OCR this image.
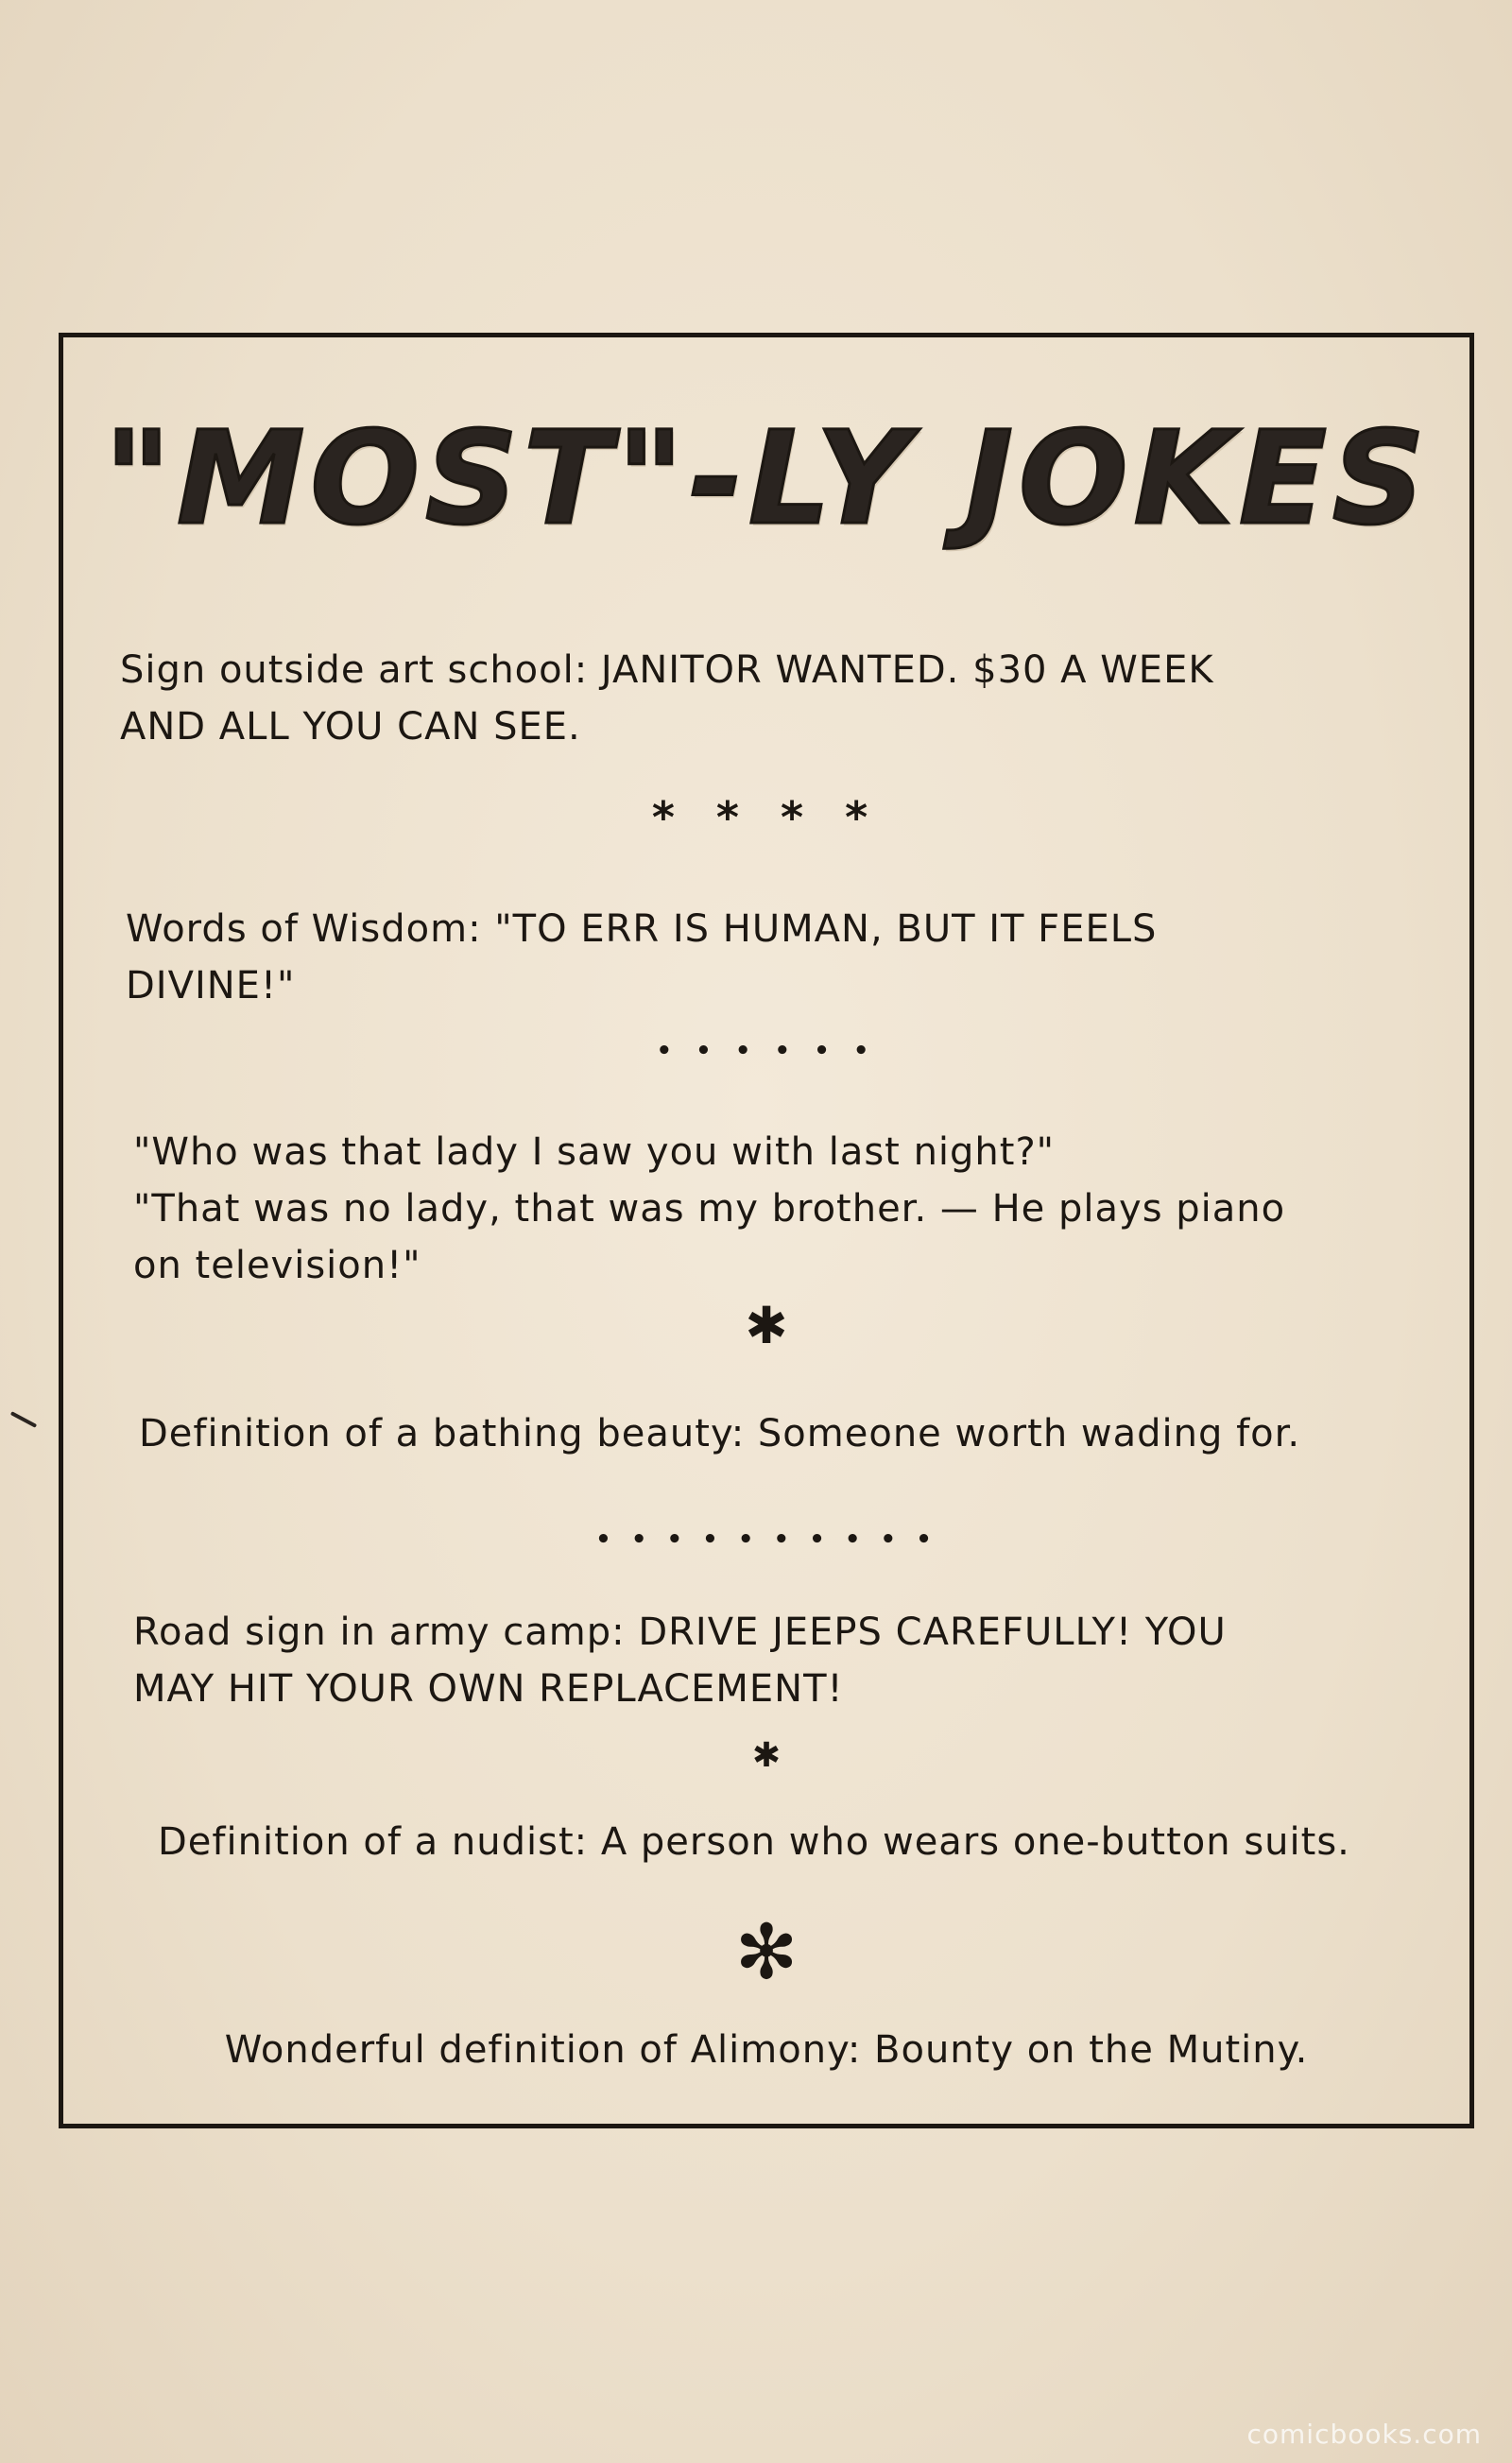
"MOST"-LY JOKES

Sign outside art school: JANITOR WANTED. $30 A WEEK
AND ALL YOU CAN SEE.

* * * *

Words of Wisdom: "TO ERR IS HUMAN, BUT IT FEELS
DIVINE!"

• • • • • •

"Who was that lady I saw you with last night?"
"That was no lady, that was my brother. — He plays piano
on television!"

✱

Definition of a bathing beauty: Someone worth wading for.

• • • • • • • • • •

Road sign in army camp: DRIVE JEEPS CAREFULLY! YOU
MAY HIT YOUR OWN REPLACEMENT!

✱

Definition of a nudist: A person who wears one-button suits.

✻

Wonderful definition of Alimony: Bounty on the Mutiny.

comicbooks.com
